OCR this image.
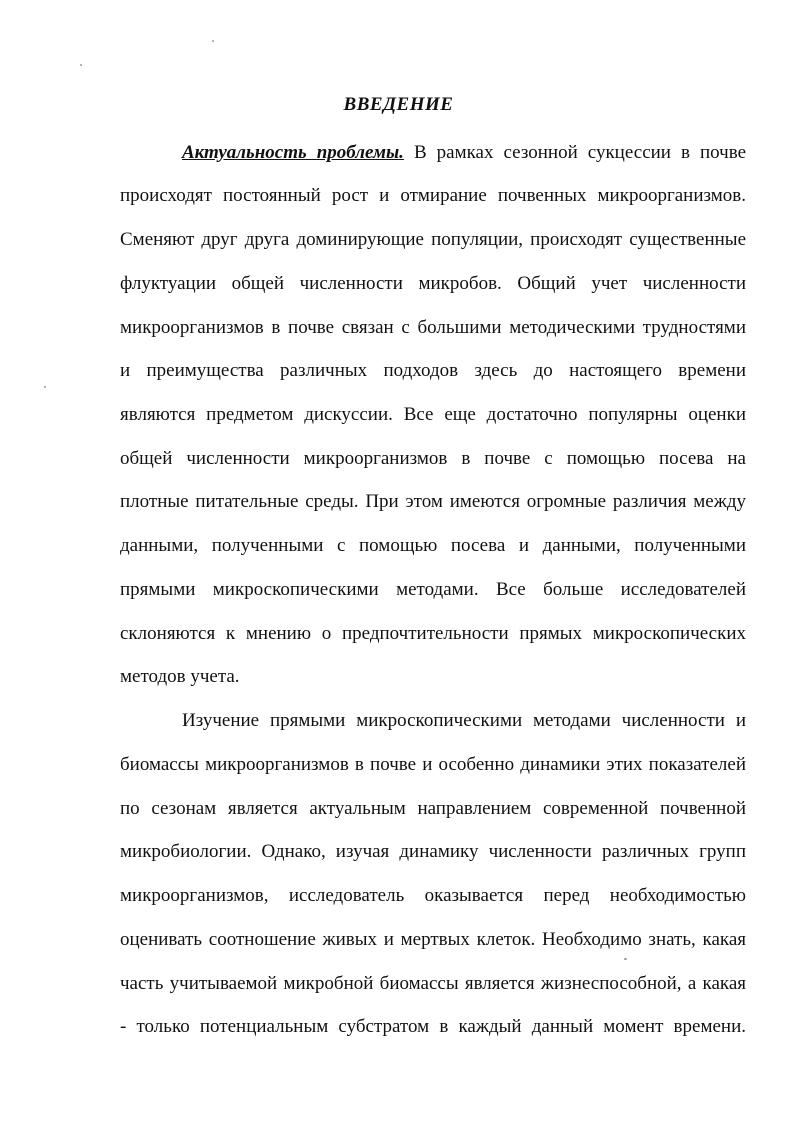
ВВЕДЕНИЕ

Актуальность проблемы. В рамках сезонной сукцессии в почве

происходят постоянный рост и отмирание почвенных микроорганизмов.

Сменяют друг друга доминирующие популяции, происходят существенные

флуктуации общей численности микробов. Общий учет численности

микроорганизмов в почве связан с большими методическими трудностями

и преимущества различных подходов здесь до настоящего времени

являются предметом дискуссии. Все еще достаточно популярны оценки

общей численности микроорганизмов в почве с помощью посева на

плотные питательные среды. При этом имеются огромные различия между

данными, полученными с помощью посева и данными, полученными

прямыми микроскопическими методами. Все больше исследователей

склоняются к мнению о предпочтительности прямых микроскопических

методов учета.

Изучение прямыми микроскопическими методами численности и

биомассы микроорганизмов в почве и особенно динамики этих показателей

по сезонам является актуальным направлением современной почвенной

микробиологии. Однако, изучая динамику численности различных групп

микроорганизмов, исследователь оказывается перед необходимостью

оценивать соотношение живых и мертвых клеток. Необходимо знать, какая

часть учитываемой микробной биомассы является жизнеспособной, а какая

- только потенциальным субстратом в каждый данный момент времени.
